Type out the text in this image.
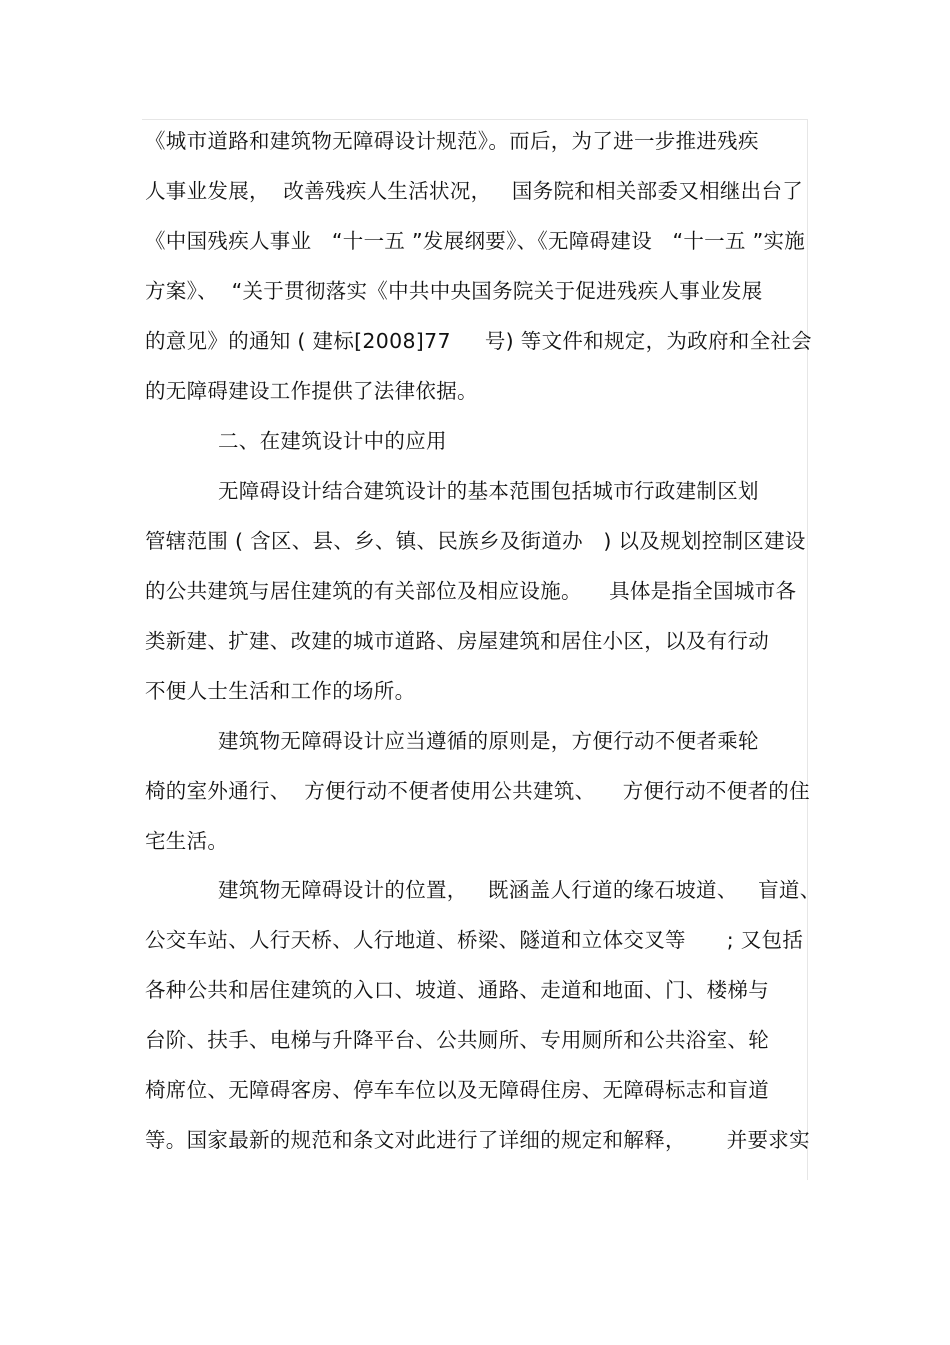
《城市道路和建筑物无障碍设计规范》。而后，为了进一步推进残疾
人事业发展，  改善残疾人生活状况，   国务院和相关部委又相继出台了
《中国残疾人事业   “十一五 ”发展纲要》、《无障碍建设   “十一五 ”实施
方案》、  “关于贯彻落实《中共中央国务院关于促进残疾人事业发展
的意见》的通知 ( 建标[2008]77     号) 等文件和规定，为政府和全社会
的无障碍建设工作提供了法律依据。
二、在建筑设计中的应用
无障碍设计结合建筑设计的基本范围包括城市行政建制区划
管辖范围 ( 含区、县、乡、镇、民族乡及街道办   ) 以及规划控制区建设
的公共建筑与居住建筑的有关部位及相应设施。    具体是指全国城市各
类新建、扩建、改建的城市道路、房屋建筑和居住小区，以及有行动
不便人士生活和工作的场所。
建筑物无障碍设计应当遵循的原则是，方便行动不便者乘轮
椅的室外通行、  方便行动不便者使用公共建筑、    方便行动不便者的住
宅生活。
建筑物无障碍设计的位置，   既涵盖人行道的缘石坡道、   盲道、
公交车站、人行天桥、人行地道、桥梁、隧道和立体交叉等      ; 又包括
各种公共和居住建筑的入口、坡道、通路、走道和地面、门、楼梯与
台阶、扶手、电梯与升降平台、公共厕所、专用厕所和公共浴室、轮
椅席位、无障碍客房、停车车位以及无障碍住房、无障碍标志和盲道
等。国家最新的规范和条文对此进行了详细的规定和解释，      并要求实
